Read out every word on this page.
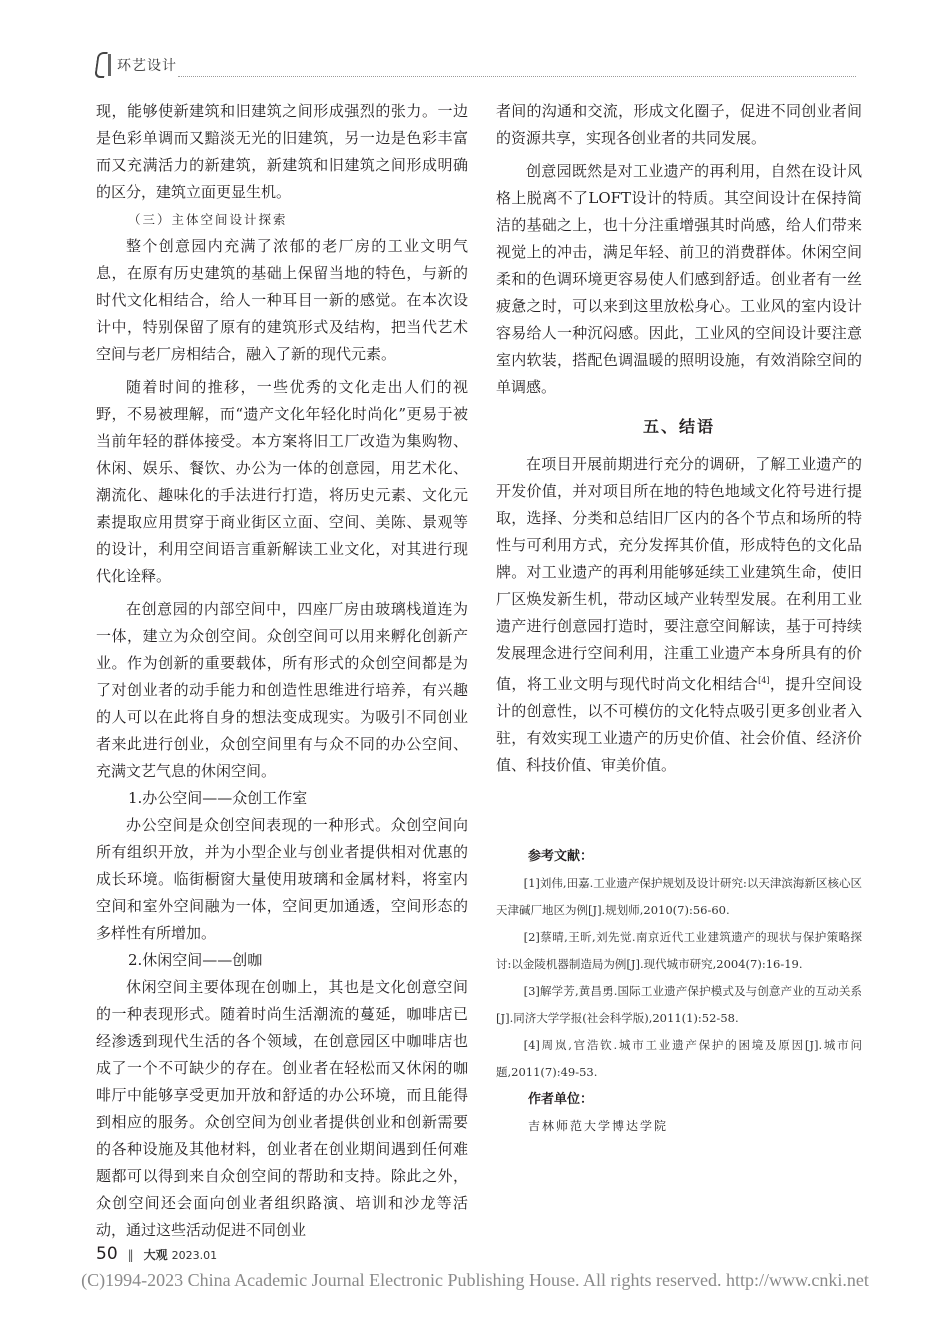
环艺设计

现，能够使新建筑和旧建筑之间形成强烈的张力。一边是色彩单调而又黯淡无光的旧建筑，另一边是色彩丰富而又充满活力的新建筑，新建筑和旧建筑之间形成明确的区分，建筑立面更显生机。

（三）主体空间设计探索

整个创意园内充满了浓郁的老厂房的工业文明气息，在原有历史建筑的基础上保留当地的特色，与新的时代文化相结合，给人一种耳目一新的感觉。在本次设计中，特别保留了原有的建筑形式及结构，把当代艺术空间与老厂房相结合，融入了新的现代元素。

随着时间的推移，一些优秀的文化走出人们的视野，不易被理解，而“遗产文化年轻化时尚化”更易于被当前年轻的群体接受。本方案将旧工厂改造为集购物、休闲、娱乐、餐饮、办公为一体的创意园，用艺术化、潮流化、趣味化的手法进行打造，将历史元素、文化元素提取应用贯穿于商业街区立面、空间、美陈、景观等的设计，利用空间语言重新解读工业文化，对其进行现代化诠释。

在创意园的内部空间中，四座厂房由玻璃栈道连为一体，建立为众创空间。众创空间可以用来孵化创新产业。作为创新的重要载体，所有形式的众创空间都是为了对创业者的动手能力和创造性思维进行培养，有兴趣的人可以在此将自身的想法变成现实。为吸引不同创业者来此进行创业，众创空间里有与众不同的办公空间、充满文艺气息的休闲空间。

1.办公空间——众创工作室

办公空间是众创空间表现的一种形式。众创空间向所有组织开放，并为小型企业与创业者提供相对优惠的成长环境。临街橱窗大量使用玻璃和金属材料，将室内空间和室外空间融为一体，空间更加通透，空间形态的多样性有所增加。

2.休闲空间——创咖

休闲空间主要体现在创咖上，其也是文化创意空间的一种表现形式。随着时尚生活潮流的蔓延，咖啡店已经渗透到现代生活的各个领域，在创意园区中咖啡店也成了一个不可缺少的存在。创业者在轻松而又休闲的咖啡厅中能够享受更加开放和舒适的办公环境，而且能得到相应的服务。众创空间为创业者提供创业和创新需要的各种设施及其他材料，创业者在创业期间遇到任何难题都可以得到来自众创空间的帮助和支持。除此之外，众创空间还会面向创业者组织路演、培训和沙龙等活动，通过这些活动促进不同创业

者间的沟通和交流，形成文化圈子，促进不同创业者间的资源共享，实现各创业者的共同发展。

创意园既然是对工业遗产的再利用，自然在设计风格上脱离不了LOFT设计的特质。其空间设计在保持简洁的基础之上，也十分注重增强其时尚感，给人们带来视觉上的冲击，满足年轻、前卫的消费群体。休闲空间柔和的色调环境更容易使人们感到舒适。创业者有一丝疲惫之时，可以来到这里放松身心。工业风的室内设计容易给人一种沉闷感。因此，工业风的空间设计要注意室内软装，搭配色调温暖的照明设施，有效消除空间的单调感。

五、结语

在项目开展前期进行充分的调研，了解工业遗产的开发价值，并对项目所在地的特色地域文化符号进行提取，选择、分类和总结旧厂区内的各个节点和场所的特性与可利用方式，充分发挥其价值，形成特色的文化品牌。对工业遗产的再利用能够延续工业建筑生命，使旧厂区焕发新生机，带动区域产业转型发展。在利用工业遗产进行创意园打造时，要注意空间解读，基于可持续发展理念进行空间利用，注重工业遗产本身所具有的价值，将工业文明与现代时尚文化相结合[4]，提升空间设计的创意性，以不可模仿的文化特点吸引更多创业者入驻，有效实现工业遗产的历史价值、社会价值、经济价值、科技价值、审美价值。

参考文献：

[1]刘伟,田嘉.工业遗产保护规划及设计研究:以天津滨海新区核心区天津碱厂地区为例[J].规划师,2010(7):56-60.

[2]蔡晴,王昕,刘先觉.南京近代工业建筑遗产的现状与保护策略探讨:以金陵机器制造局为例[J].现代城市研究,2004(7):16-19.

[3]解学芳,黄昌勇.国际工业遗产保护模式及与创意产业的互动关系[J].同济大学学报(社会科学版),2011(1):52-58.

[4]周岚,官浩钦.城市工业遗产保护的困境及原因[J].城市问题,2011(7):49-53.

作者单位：

吉林师范大学博达学院

50 ‖ 大观 2023.01
(C)1994-2023 China Academic Journal Electronic Publishing House. All rights reserved. http://www.cnki.net
